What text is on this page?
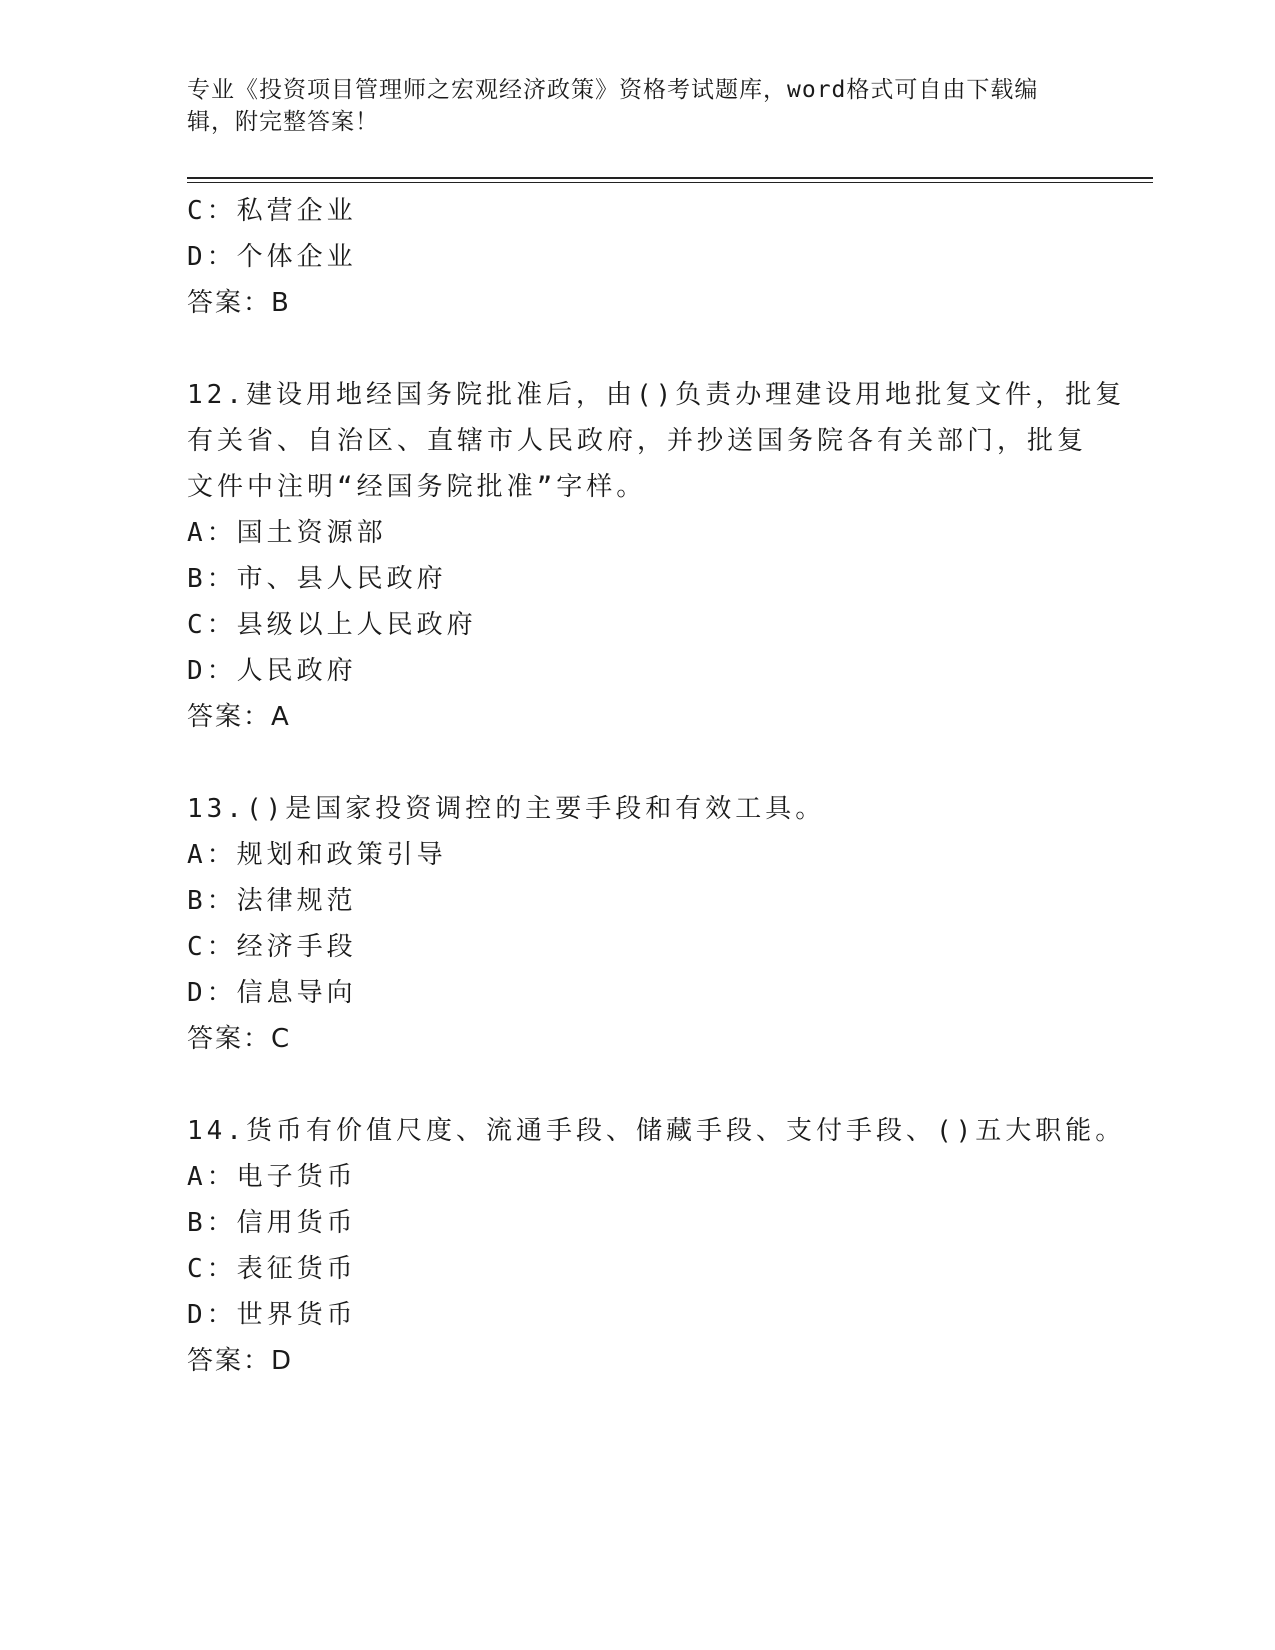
专业《投资项目管理师之宏观经济政策》资格考试题库，word格式可自由下载编
辑，附完整答案！
C：私营企业
D：个体企业
答案：B
12.建设用地经国务院批准后，由()负责办理建设用地批复文件，批复
有关省、自治区、直辖市人民政府，并抄送国务院各有关部门，批复
文件中注明“经国务院批准”字样。
A：国土资源部
B：市、县人民政府
C：县级以上人民政府
D：人民政府
答案：A
13.()是国家投资调控的主要手段和有效工具。
A：规划和政策引导
B：法律规范
C：经济手段
D：信息导向
答案：C
14.货币有价值尺度、流通手段、储藏手段、支付手段、()五大职能。
A：电子货币
B：信用货币
C：表征货币
D：世界货币
答案：D
